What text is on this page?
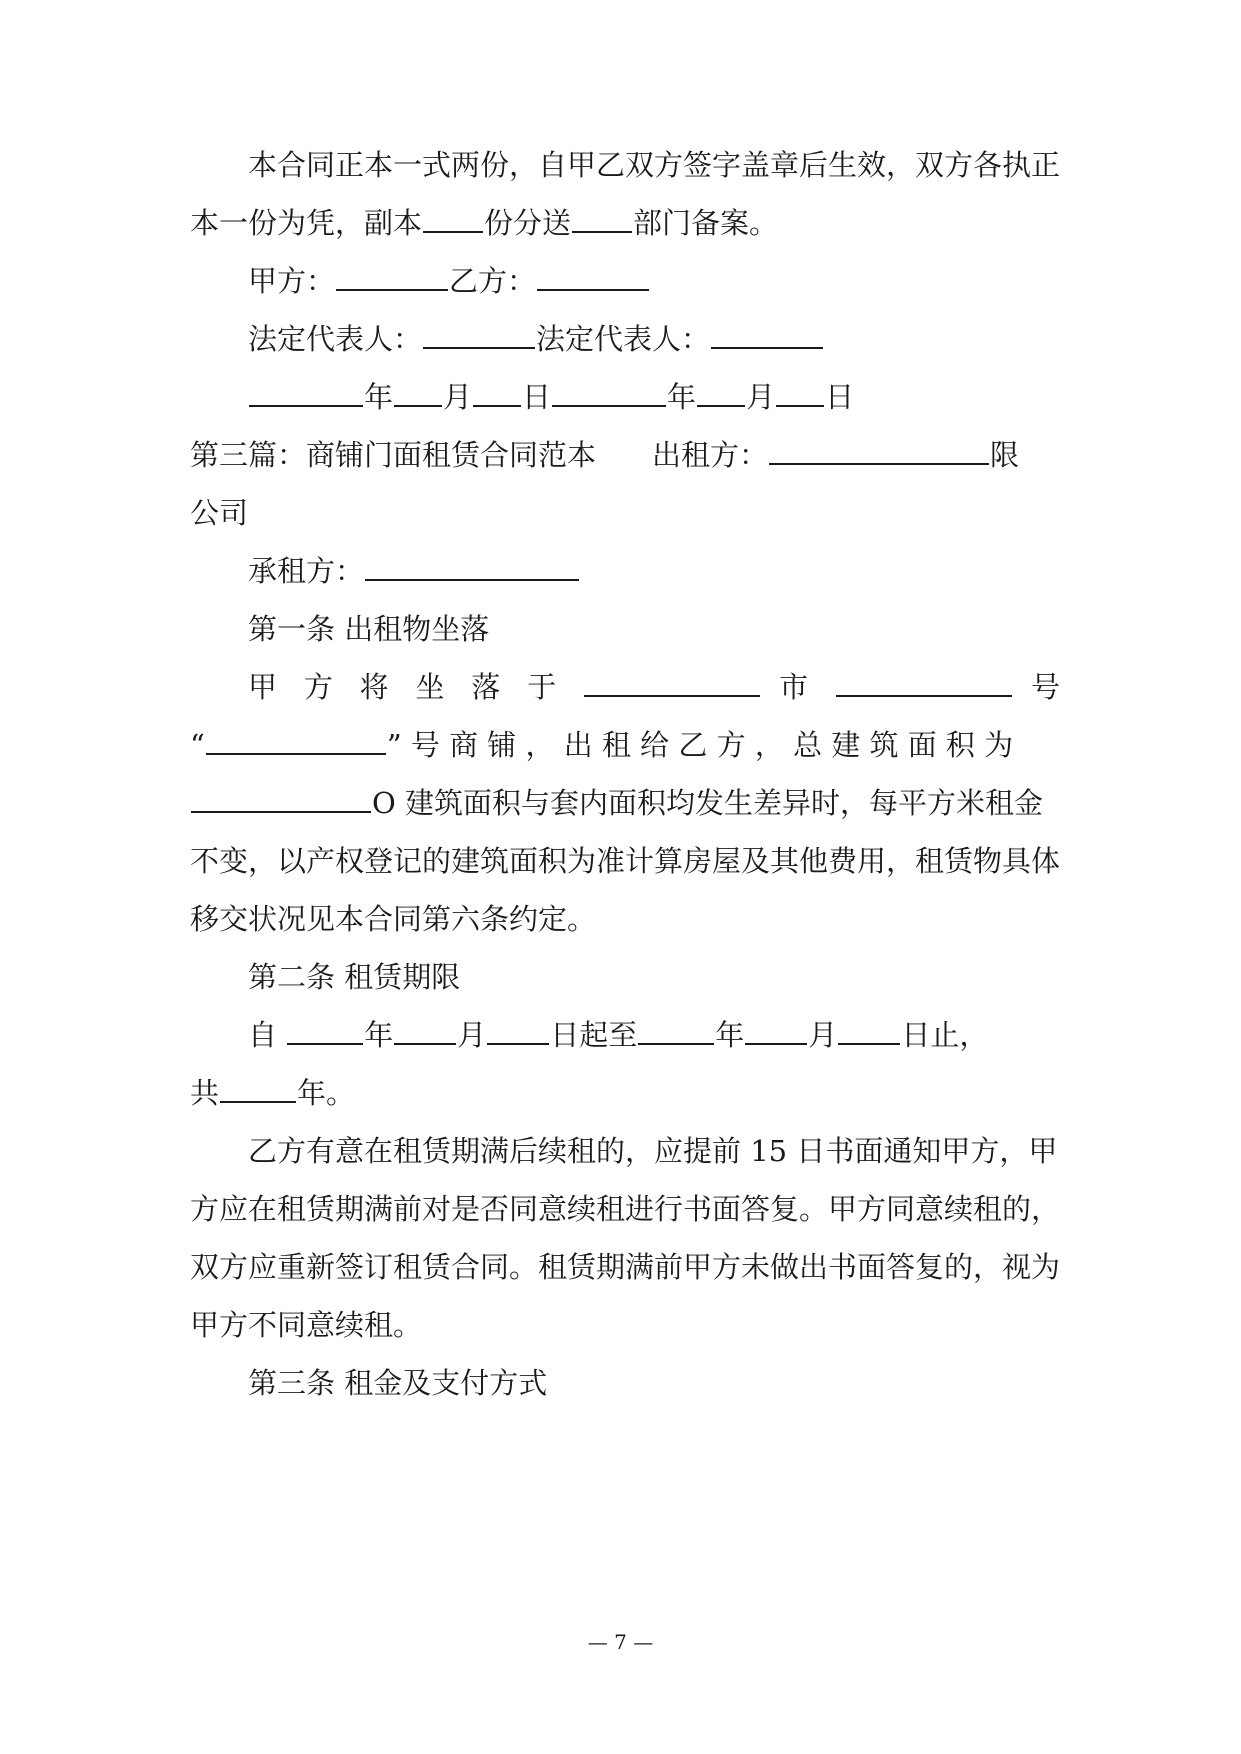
本合同正本一式两份，自甲乙双方签字盖章后生效，双方各执正
本一份为凭，副本 份分送 部门备案。
甲方：	乙方：
法定代表人：	法定代表人：
年 月 日	年 月 日
第三篇：商铺门面租赁合同范本 出租方：	限
公司
承租方：
第一条 出租物坐落
甲 方 将 坐 落 于	市	号
“	” 号 商 铺 ， 出 租 给 乙 方 ， 总 建 筑 面 积 为
O 建筑面积与套内面积均发生差异时，每平方米租金
不变，以产权登记的建筑面积为准计算房屋及其他费用，租赁物具体
移交状况见本合同第六条约定。
第二条 租赁期限
自	年 月 日起至	年 月 日止，
共	年。
乙方有意在租赁期满后续租的，应提前 15 日书面通知甲方，甲
方应在租赁期满前对是否同意续租进行书面答复。甲方同意续租的，
双方应重新签订租赁合同。租赁期满前甲方未做出书面答复的，视为
甲方不同意续租。
第三条 租金及支付方式
— 7 —
